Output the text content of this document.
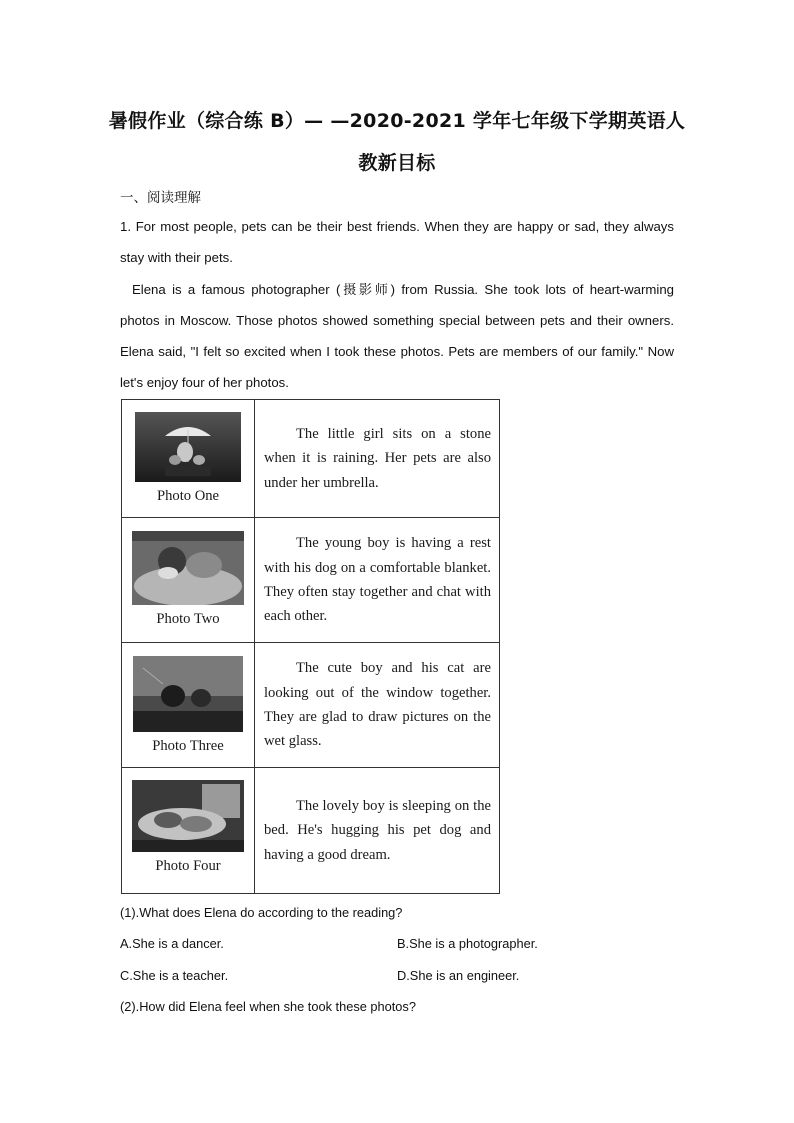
暑假作业（综合练 B）— —2020-2021 学年七年级下学期英语人
教新目标
一、阅读理解
1. For most people, pets can be their best friends. When they are happy or sad, they always stay with their pets.
Elena is a famous photographer (摄影师) from Russia. She took lots of heart-warming photos in Moscow. Those photos showed something special between pets and their owners. Elena said, "I felt so excited when I took these photos. Pets are members of our family." Now let's enjoy four of her photos.
Photo One	The little girl sits on a stone when it is raining. Her pets are also under her umbrella.

Photo Two	The young boy is having a rest with his dog on a comfortable blanket. They often stay together and chat with each other.

Photo Three	The cute boy and his cat are looking out of the window together. They are glad to draw pictures on the wet glass.

Photo Four	The lovely boy is sleeping on the bed. He's hugging his pet dog and having a good dream.
(1).What does Elena do according to the reading?
A.She is a dancer.	B.She is a photographer.
C.She is a teacher.	D.She is an engineer.
(2).How did Elena feel when she took these photos?
